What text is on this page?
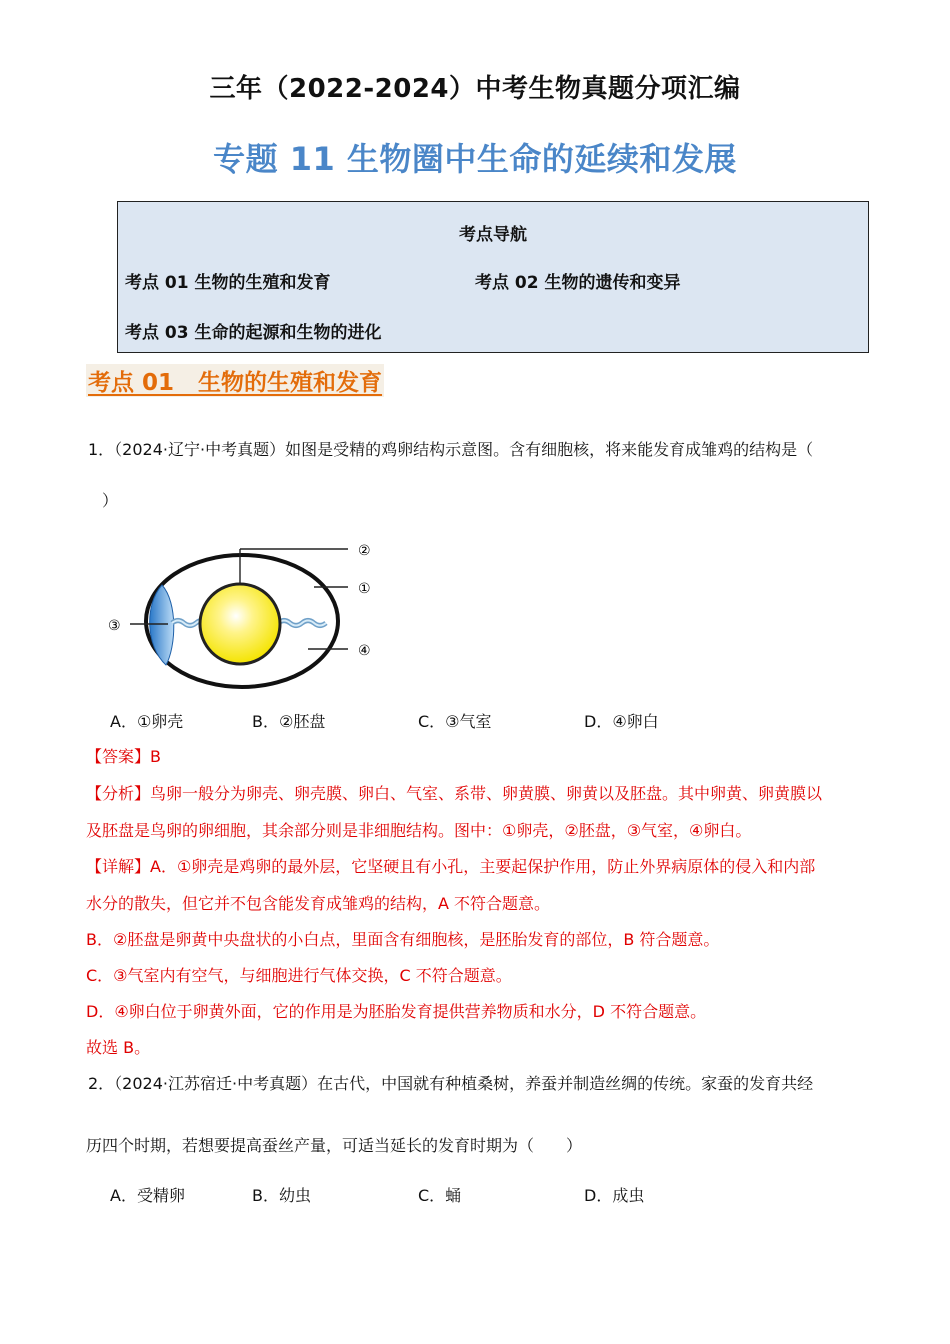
三年（2022-2024）中考生物真题分项汇编
专题 11 生物圈中生命的延续和发展
考点导航
考点 01 生物的生殖和发育	考点 02 生物的遗传和变异
考点 03 生命的起源和生物的进化
考点 01   生物的生殖和发育
1．（2024·辽宁·中考真题）如图是受精的鸡卵结构示意图。含有细胞核，将来能发育成雏鸡的结构是（
）
②
①
③
④
A．①卵壳	B．②胚盘	C．③气室	D．④卵白
【答案】B
【分析】鸟卵一般分为卵壳、卵壳膜、卵白、气室、系带、卵黄膜、卵黄以及胚盘。其中卵黄、卵黄膜以
及胚盘是鸟卵的卵细胞，其余部分则是非细胞结构。图中：①卵壳，②胚盘，③气室，④卵白。
【详解】A．①卵壳是鸡卵的最外层，它坚硬且有小孔，主要起保护作用，防止外界病原体的侵入和内部
水分的散失，但它并不包含能发育成雏鸡的结构，A 不符合题意。
B．②胚盘是卵黄中央盘状的小白点，里面含有细胞核，是胚胎发育的部位，B 符合题意。
C．③气室内有空气，与细胞进行气体交换，C 不符合题意。
D．④卵白位于卵黄外面，它的作用是为胚胎发育提供营养物质和水分，D 不符合题意。
故选 B。
2．（2024·江苏宿迁·中考真题）在古代，中国就有种植桑树，养蚕并制造丝绸的传统。家蚕的发育共经
历四个时期，若想要提高蚕丝产量，可适当延长的发育时期为（　　）
A．受精卵	B．幼虫	C．蛹	D．成虫
